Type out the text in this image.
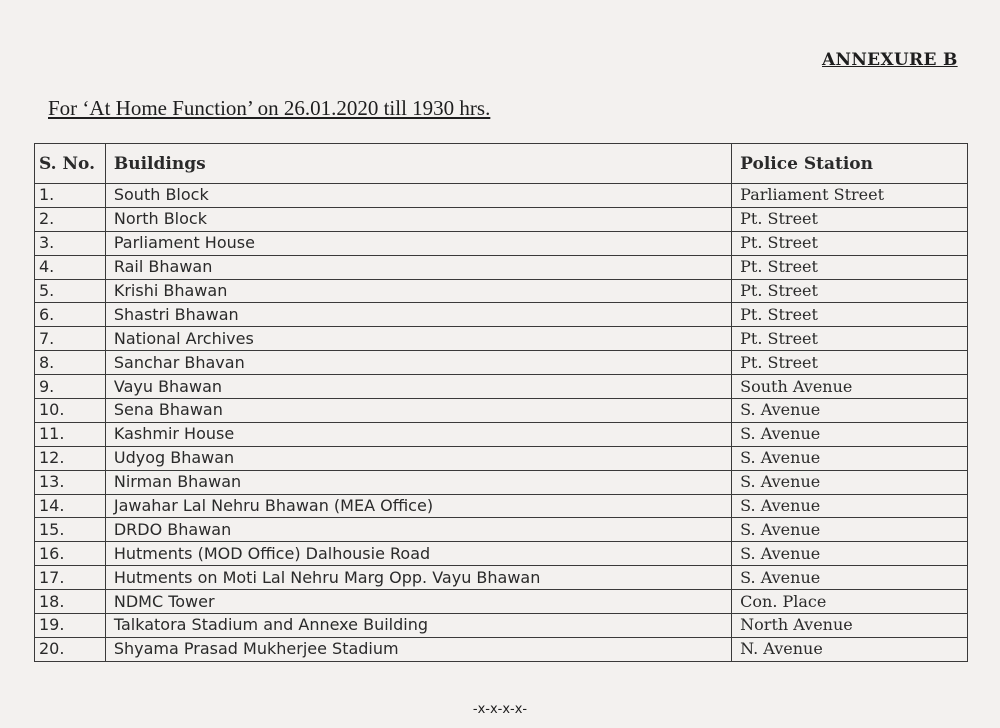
ANNEXURE B
For ‘At Home Function’ on 26.01.2020 till 1930 hrs.
S. No.	Buildings	Police Station
1.	South Block	Parliament Street
2.	North Block	Pt. Street
3.	Parliament House	Pt. Street
4.	Rail Bhawan	Pt. Street
5.	Krishi Bhawan	Pt. Street
6.	Shastri Bhawan	Pt. Street
7.	National Archives	Pt. Street
8.	Sanchar Bhavan	Pt. Street
9.	Vayu Bhawan	South Avenue
10.	Sena Bhawan	S. Avenue
11.	Kashmir House	S. Avenue
12.	Udyog Bhawan	S. Avenue
13.	Nirman Bhawan	S. Avenue
14.	Jawahar Lal Nehru Bhawan (MEA Office)	S. Avenue
15.	DRDO Bhawan	S. Avenue
16.	Hutments (MOD Office) Dalhousie Road	S. Avenue
17.	Hutments on Moti Lal Nehru Marg Opp. Vayu Bhawan	S. Avenue
18.	NDMC Tower	Con. Place
19.	Talkatora Stadium and Annexe Building	North Avenue
20.	Shyama Prasad Mukherjee Stadium	N. Avenue
-x-x-x-x-
